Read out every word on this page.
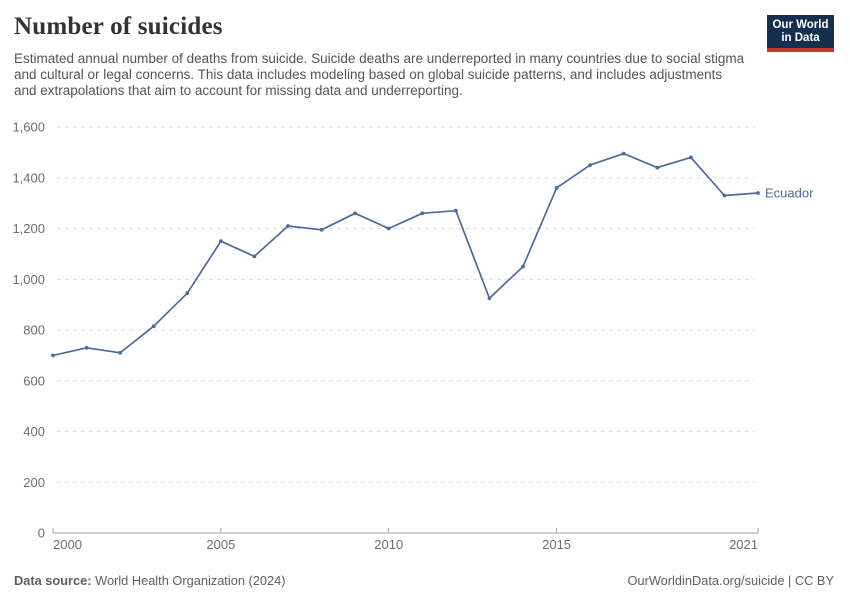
Number of suicides

Estimated annual number of deaths from suicide. Suicide deaths are underreported in many countries due to social stigma and cultural or legal concerns. This data includes modeling based on global suicide patterns, and includes adjustments and extrapolations that aim to account for missing data and underreporting.

Our World
in Data
0
200
400
600
800
1,000
1,200
1,400
1,600
2000	2005	2010	2015	2021
Ecuador
Data source: World Health Organization (2024)	OurWorldinData.org/suicide | CC BY
